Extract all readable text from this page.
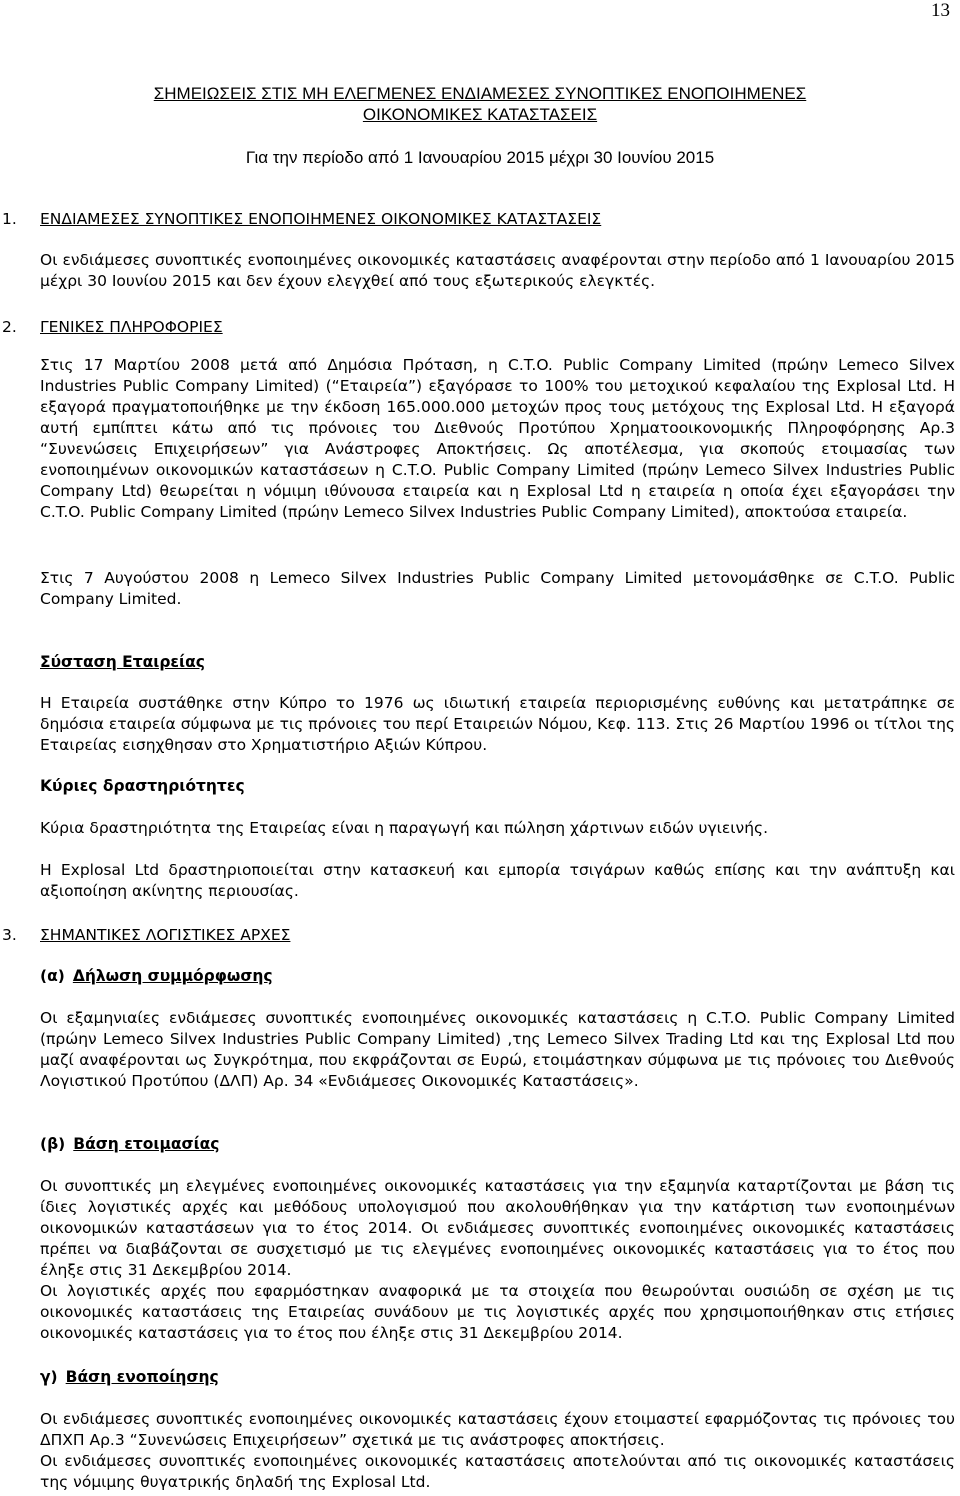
13
ΣΗΜΕΙΩΣΕΙΣ ΣΤΙΣ ΜΗ ΕΛΕΓΜΕΝΕΣ ΕΝΔΙΑΜΕΣΕΣ ΣΥΝΟΠΤΙΚΕΣ ΕΝΟΠΟΙΗΜΕΝΕΣ
ΟΙΚΟΝΟΜΙΚΕΣ ΚΑΤΑΣΤΑΣΕΙΣ
Για την περίοδο από 1 Ιανουαρίου 2015 μέχρι 30 Ιουνίου 2015
1. ΕΝΔΙΑΜΕΣΕΣ ΣΥΝΟΠΤΙΚΕΣ ΕΝΟΠΟΙΗΜΕΝΕΣ ΟΙΚΟΝΟΜΙΚΕΣ ΚΑΤΑΣΤΑΣΕΙΣ

Οι ενδιάμεσες συνοπτικές ενοποιημένες οικονομικές καταστάσεις αναφέρονται στην περίοδο από 1 Ιανουαρίου 2015 μέχρι 30 Ιουνίου 2015 και δεν έχουν ελεγχθεί από τους εξωτερικούς ελεγκτές.

2. ΓΕΝΙΚΕΣ ΠΛΗΡΟΦΟΡΙΕΣ

Στις 17 Μαρτίου 2008 μετά από Δημόσια Πρόταση, η C.T.O. Public Company Limited (πρώην Lemeco Silvex Industries Public Company Limited) (“Εταιρεία”) εξαγόρασε το 100% του μετοχικού κεφαλαίου της Explosal Ltd. Η εξαγορά πραγματοποιήθηκε με την έκδοση 165.000.000 μετοχών προς τους μετόχους της Explosal Ltd. Η εξαγορά αυτή εμπίπτει κάτω από τις πρόνοιες του Διεθνούς Προτύπου Χρηματοοικονομικής Πληροφόρησης Αρ.3 “Συνενώσεις Επιχειρήσεων” για Ανάστροφες Αποκτήσεις. Ως αποτέλεσμα, για σκοπούς ετοιμασίας των ενοποιημένων οικονομικών καταστάσεων η C.T.O. Public Company Limited (πρώην Lemeco Silvex Industries Public Company Ltd) θεωρείται η νόμιμη ιθύνουσα εταιρεία και η Explosal Ltd η εταιρεία η οποία έχει εξαγοράσει την C.T.O. Public Company Limited (πρώην Lemeco Silvex Industries Public Company Limited), αποκτούσα εταιρεία.

Στις 7 Αυγούστου 2008 η Lemeco Silvex Industries Public Company Limited μετονομάσθηκε σε C.T.O. Public Company Limited.

Σύσταση Εταιρείας

Η Εταιρεία συστάθηκε στην Κύπρο το 1976 ως ιδιωτική εταιρεία περιορισμένης ευθύνης και μετατράπηκε σε δημόσια εταιρεία σύμφωνα με τις πρόνοιες του περί Εταιρειών Νόμου, Κεφ. 113. Στις 26 Μαρτίου 1996 οι τίτλοι της Εταιρείας εισηχθησαν στο Χρηματιστήριο Αξιών Κύπρου.

Κύριες δραστηριότητες

Κύρια δραστηριότητα της Εταιρείας είναι η παραγωγή και πώληση χάρτινων ειδών υγιεινής.

Η Explosal Ltd δραστηριοποιείται στην κατασκευή και εμπορία τσιγάρων καθώς επίσης και την ανάπτυξη και αξιοποίηση ακίνητης περιουσίας.

3. ΣΗΜΑΝΤΙΚΕΣ ΛΟΓΙΣΤΙΚΕΣ ΑΡΧΕΣ
(α) Δήλωση συμμόρφωσης

Οι εξαμηνιαίες ενδιάμεσες συνοπτικές ενοποιημένες οικονομικές καταστάσεις η C.T.O. Public Company Limited (πρώην Lemeco Silvex Industries Public Company Limited) ,της Lemeco Silvex Trading Ltd και της Explosal Ltd που μαζί αναφέρονται ως Συγκρότημα, που εκφράζονται σε Ευρώ, ετοιμάστηκαν σύμφωνα με τις πρόνοιες του Διεθνούς Λογιστικού Προτύπου (ΔΛΠ) Αρ. 34 «Ενδιάμεσες Οικονομικές Καταστάσεις».

(β) Βάση ετοιμασίας

Οι συνοπτικές μη ελεγμένες ενοποιημένες οικονομικές καταστάσεις για την εξαμηνία καταρτίζονται με βάση τις ίδιες λογιστικές αρχές και μεθόδους υπολογισμού που ακολουθήθηκαν για την κατάρτιση των ενοποιημένων οικονομικών καταστάσεων για το έτος 2014. Οι ενδιάμεσες συνοπτικές ενοποιημένες οικονομικές καταστάσεις πρέπει να διαβάζονται σε συσχετισμό με τις ελεγμένες ενοποιημένες οικονομικές καταστάσεις για το έτος που έληξε στις 31 Δεκεμβρίου 2014.

Οι λογιστικές αρχές που εφαρμόστηκαν αναφορικά με τα στοιχεία που θεωρούνται ουσιώδη σε σχέση με τις οικονομικές καταστάσεις της Εταιρείας συνάδουν με τις λογιστικές αρχές που χρησιμοποιήθηκαν στις ετήσιες οικονομικές καταστάσεις για το έτος που έληξε στις 31 Δεκεμβρίου 2014.

γ) Βάση ενοποίησης

Οι ενδιάμεσες συνοπτικές ενοποιημένες οικονομικές καταστάσεις έχουν ετοιμαστεί εφαρμόζοντας τις πρόνοιες του ΔΠΧΠ Αρ.3 “Συνενώσεις Επιχειρήσεων” σχετικά με τις ανάστροφες αποκτήσεις.

Οι ενδιάμεσες συνοπτικές ενοποιημένες οικονομικές καταστάσεις αποτελούνται από τις οικονομικές καταστάσεις της νόμιμης θυγατρικής δηλαδή της Explosal Ltd.
